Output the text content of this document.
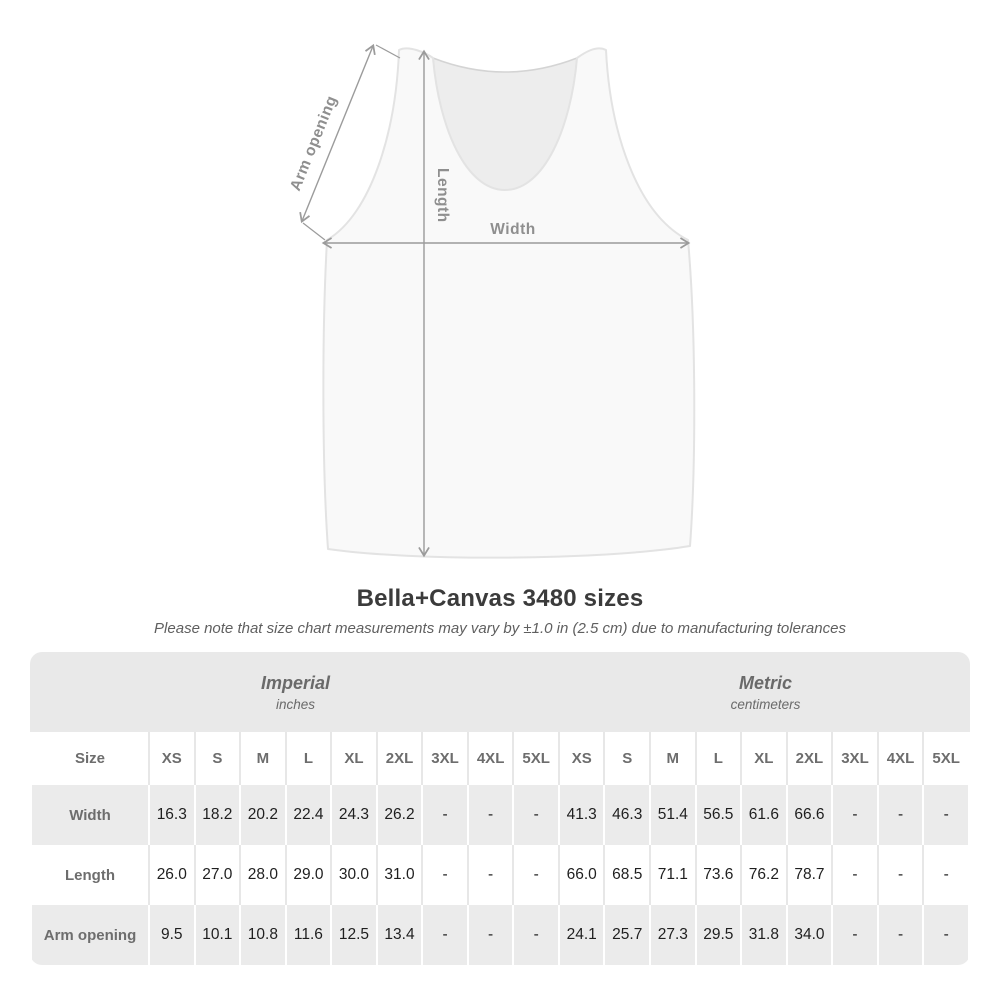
Arm opening
Length
Width
Bella+Canvas 3480 sizes

Please note that size chart measurements may vary by ±1.0 in (2.5 cm) due to manufacturing tolerances

Imperial
inches
Metric
centimeters
Size	XS	S	M	L	XL	2XL	3XL	4XL	5XL	XS	S	M	L	XL	2XL	3XL	4XL	5XL
Width	16.3	18.2	20.2	22.4	24.3	26.2	-	-	-	41.3	46.3	51.4	56.5	61.6	66.6	-	-	-
Length	26.0	27.0	28.0	29.0	30.0	31.0	-	-	-	66.0	68.5	71.1	73.6	76.2	78.7	-	-	-
Arm opening	9.5	10.1	10.8	11.6	12.5	13.4	-	-	-	24.1	25.7	27.3	29.5	31.8	34.0	-	-	-
